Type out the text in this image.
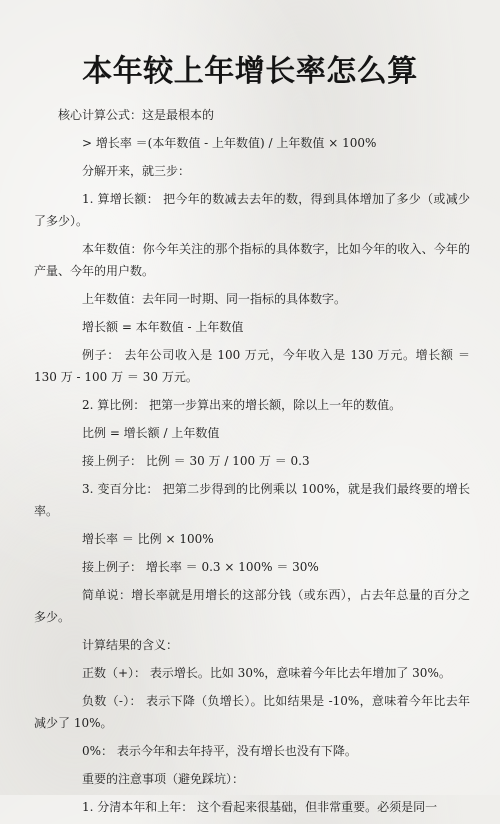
本年较上年增长率怎么算

核心计算公式：这是最根本的

> 增长率 ＝(本年数值 - 上年数值) / 上年数值 × 100%

分解开来，就三步：

1. 算增长额： 把今年的数减去去年的数，得到具体增加了多少（或减少了多少）。

本年数值：你今年关注的那个指标的具体数字，比如今年的收入、今年的产量、今年的用户数。

上年数值：去年同一时期、同一指标的具体数字。

增长额 = 本年数值 - 上年数值

例子： 去年公司收入是 100 万元，今年收入是 130 万元。增长额 ＝ 130 万 - 100 万 ＝ 30 万元。

2. 算比例： 把第一步算出来的增长额，除以上一年的数值。

比例 = 增长额 / 上年数值

接上例子： 比例 ＝ 30 万 / 100 万 ＝ 0.3

3. 变百分比： 把第二步得到的比例乘以 100%，就是我们最终要的增长率。

增长率 ＝ 比例 × 100%

接上例子： 增长率 ＝ 0.3 × 100% ＝ 30%

简单说：增长率就是用增长的这部分钱（或东西），占去年总量的百分之多少。

计算结果的含义：

正数（+）： 表示增长。比如 30%，意味着今年比去年增加了 30%。

负数（-）： 表示下降（负增长）。比如结果是 -10%，意味着今年比去年减少了 10%。

0%： 表示今年和去年持平，没有增长也没有下降。

重要的注意事项（避免踩坑）：

1. 分清本年和上年： 这个看起来很基础，但非常重要。必须是同一
